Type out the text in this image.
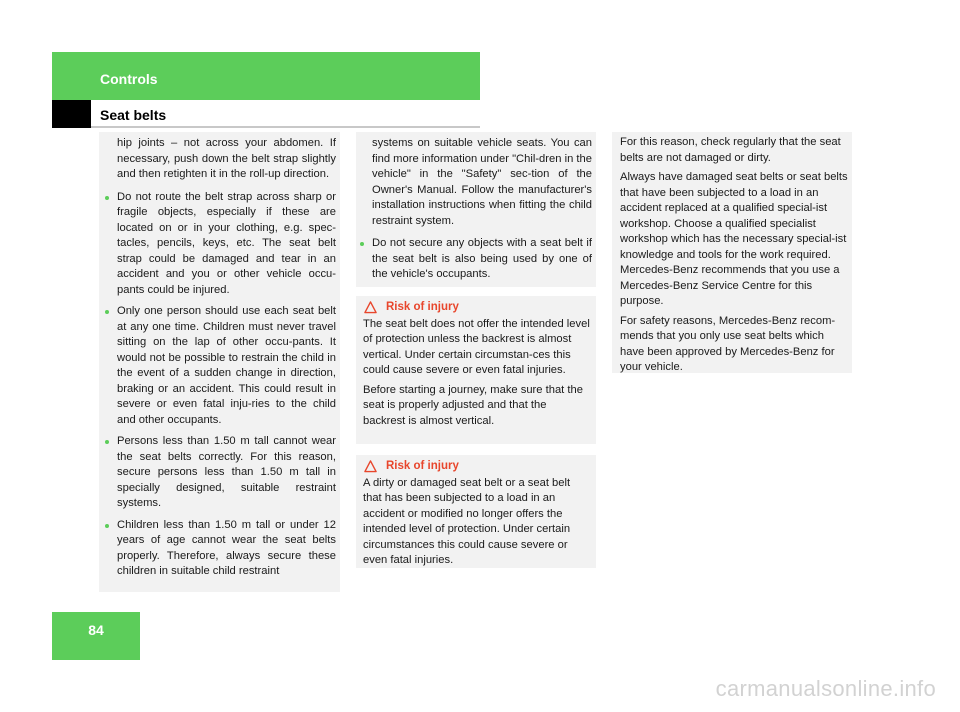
Controls
Seat belts

hip joints – not across your abdomen. If necessary, push down the belt strap slightly and then retighten it in the roll-up direction.

Do not route the belt strap across sharp or fragile objects, especially if these are located on or in your clothing, e.g. spec-tacles, pencils, keys, etc. The seat belt strap could be damaged and tear in an accident and you or other vehicle occu-pants could be injured.
Only one person should use each seat belt at any one time. Children must never travel sitting on the lap of other occu-pants. It would not be possible to restrain the child in the event of a sudden change in direction, braking or an accident. This could result in severe or even fatal inju-ries to the child and other occupants.
Persons less than 1.50 m tall cannot wear the seat belts correctly. For this reason, secure persons less than 1.50 m tall in specially designed, suitable restraint systems.
Children less than 1.50 m tall or under 12 years of age cannot wear the seat belts properly. Therefore, always secure these children in suitable child restraint

systems on suitable vehicle seats. You can find more information under "Chil-dren in the vehicle" in the "Safety" sec-tion of the Owner's Manual. Follow the manufacturer's installation instructions when fitting the child restraint system.

Do not secure any objects with a seat belt if the seat belt is also being used by one of the vehicle's occupants.
Risk of injury

The seat belt does not offer the intended level of protection unless the backrest is almost vertical. Under certain circumstan-ces this could cause severe or even fatal injuries.

Before starting a journey, make sure that the seat is properly adjusted and that the backrest is almost vertical.

Risk of injury

A dirty or damaged seat belt or a seat belt that has been subjected to a load in an accident or modified no longer offers the intended level of protection. Under certain circumstances this could cause severe or even fatal injuries.

For this reason, check regularly that the seat belts are not damaged or dirty.

Always have damaged seat belts or seat belts that have been subjected to a load in an accident replaced at a qualified special-ist workshop. Choose a qualified specialist workshop which has the necessary special-ist knowledge and tools for the work required. Mercedes-Benz recommends that you use a Mercedes-Benz Service Centre for this purpose.

For safety reasons, Mercedes-Benz recom-mends that you only use seat belts which have been approved by Mercedes-Benz for your vehicle.

84
carmanualsonline.info
